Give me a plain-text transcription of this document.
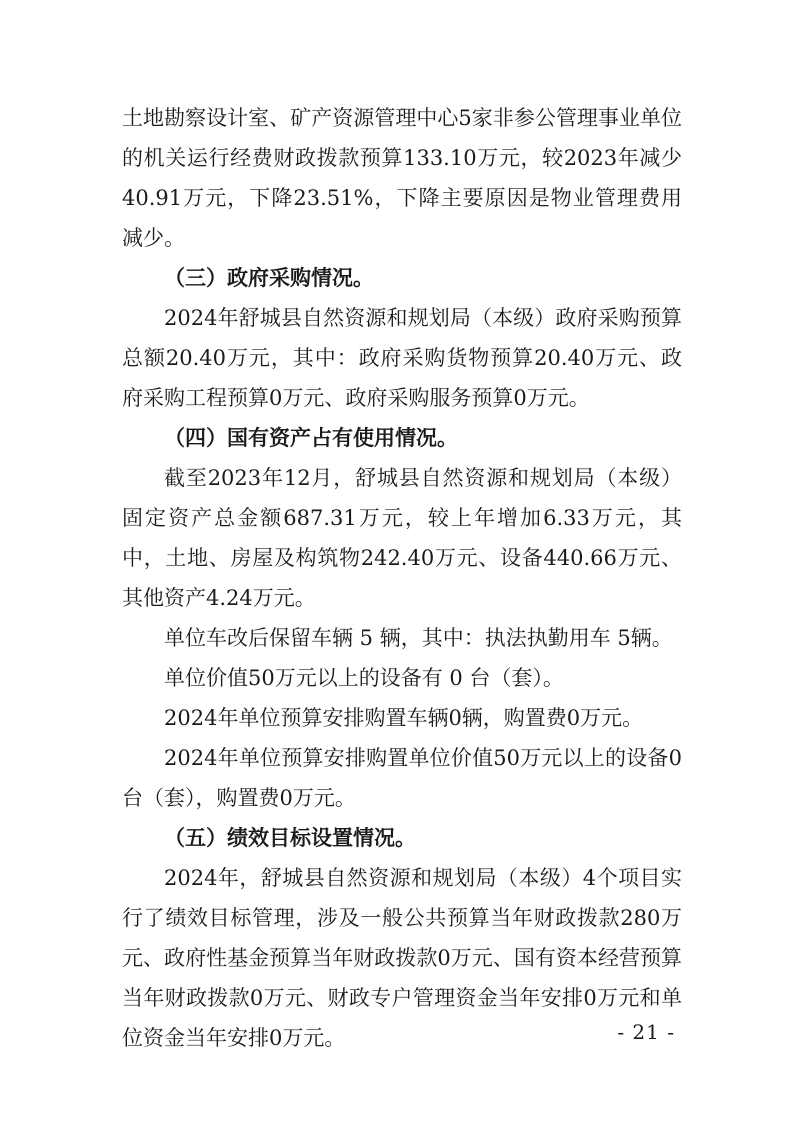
土地勘察设计室、矿产资源管理中心5家非参公管理事业单位的机关运行经费财政拨款预算133.10万元，较2023年减少40.91万元，下降23.51%，下降主要原因是物业管理费用减少。

（三）政府采购情况。

2024年舒城县自然资源和规划局（本级）政府采购预算总额20.40万元，其中：政府采购货物预算20.40万元、政府采购工程预算0万元、政府采购服务预算0万元。

（四）国有资产占有使用情况。

截至2023年12月，舒城县自然资源和规划局（本级）固定资产总金额687.31万元，较上年增加6.33万元，其中，土地、房屋及构筑物242.40万元、设备440.66万元、其他资产4.24万元。

单位车改后保留车辆 5 辆，其中：执法执勤用车 5辆。

单位价值50万元以上的设备有 0 台（套）。

2024年单位预算安排购置车辆0辆，购置费0万元。

2024年单位预算安排购置单位价值50万元以上的设备0台（套），购置费0万元。

（五）绩效目标设置情况。

2024年，舒城县自然资源和规划局（本级）4个项目实行了绩效目标管理，涉及一般公共预算当年财政拨款280万元、政府性基金预算当年财政拨款0万元、国有资本经营预算当年财政拨款0万元、财政专户管理资金当年安排0万元和单位资金当年安排0万元。	- 21 -
